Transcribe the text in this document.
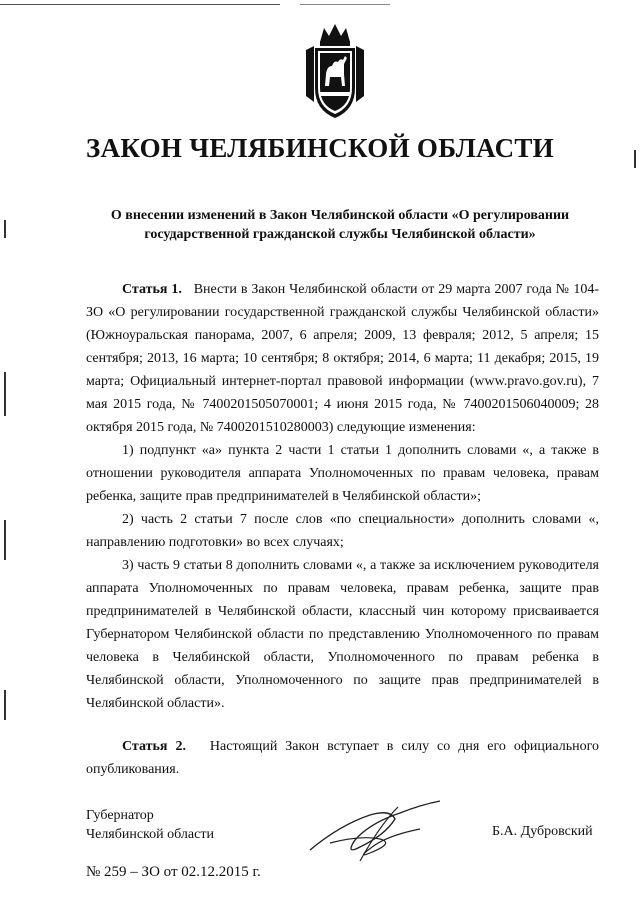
ЗАКОН ЧЕЛЯБИНСКОЙ ОБЛАСТИ
О внесении изменений в Закон Челябинской области «О регулировании
государственной гражданской службы Челябинской области»

Статья 1. Внести в Закон Челябинской области от 29 марта 2007 года № 104-ЗО «О регулировании государственной гражданской службы Челябинской области» (Южноуральская панорама, 2007, 6 апреля; 2009, 13 февраля; 2012, 5 апреля; 15 сентября; 2013, 16 марта; 10 сентября; 8 октября; 2014, 6 марта; 11 декабря; 2015, 19 марта; Официальный интернет-портал правовой информации (www.pravo.gov.ru), 7 мая 2015 года, № 7400201505070001; 4 июня 2015 года, № 7400201506040009; 28 октября 2015 года, № 7400201510280003) следующие изменения:

1) подпункт «а» пункта 2 части 1 статьи 1 дополнить словами «, а также в отношении руководителя аппарата Уполномоченных по правам человека, правам ребенка, защите прав предпринимателей в Челябинской области»;

2) часть 2 статьи 7 после слов «по специальности» дополнить словами «, направлению подготовки» во всех случаях;

3) часть 9 статьи 8 дополнить словами «, а также за исключением руководителя аппарата Уполномоченных по правам человека, правам ребенка, защите прав предпринимателей в Челябинской области, классный чин которому присваивается Губернатором Челябинской области по представлению Уполномоченного по правам человека в Челябинской области, Уполномоченного по правам ребенка в Челябинской области, Уполномоченного по защите прав предпринимателей в Челябинской области».

Статья 2. Настоящий Закон вступает в силу со дня его официального опубликования.

Губернатор
Челябинской области	Б.А. Дубровский
№ 259 – ЗО от 02.12.2015 г.
